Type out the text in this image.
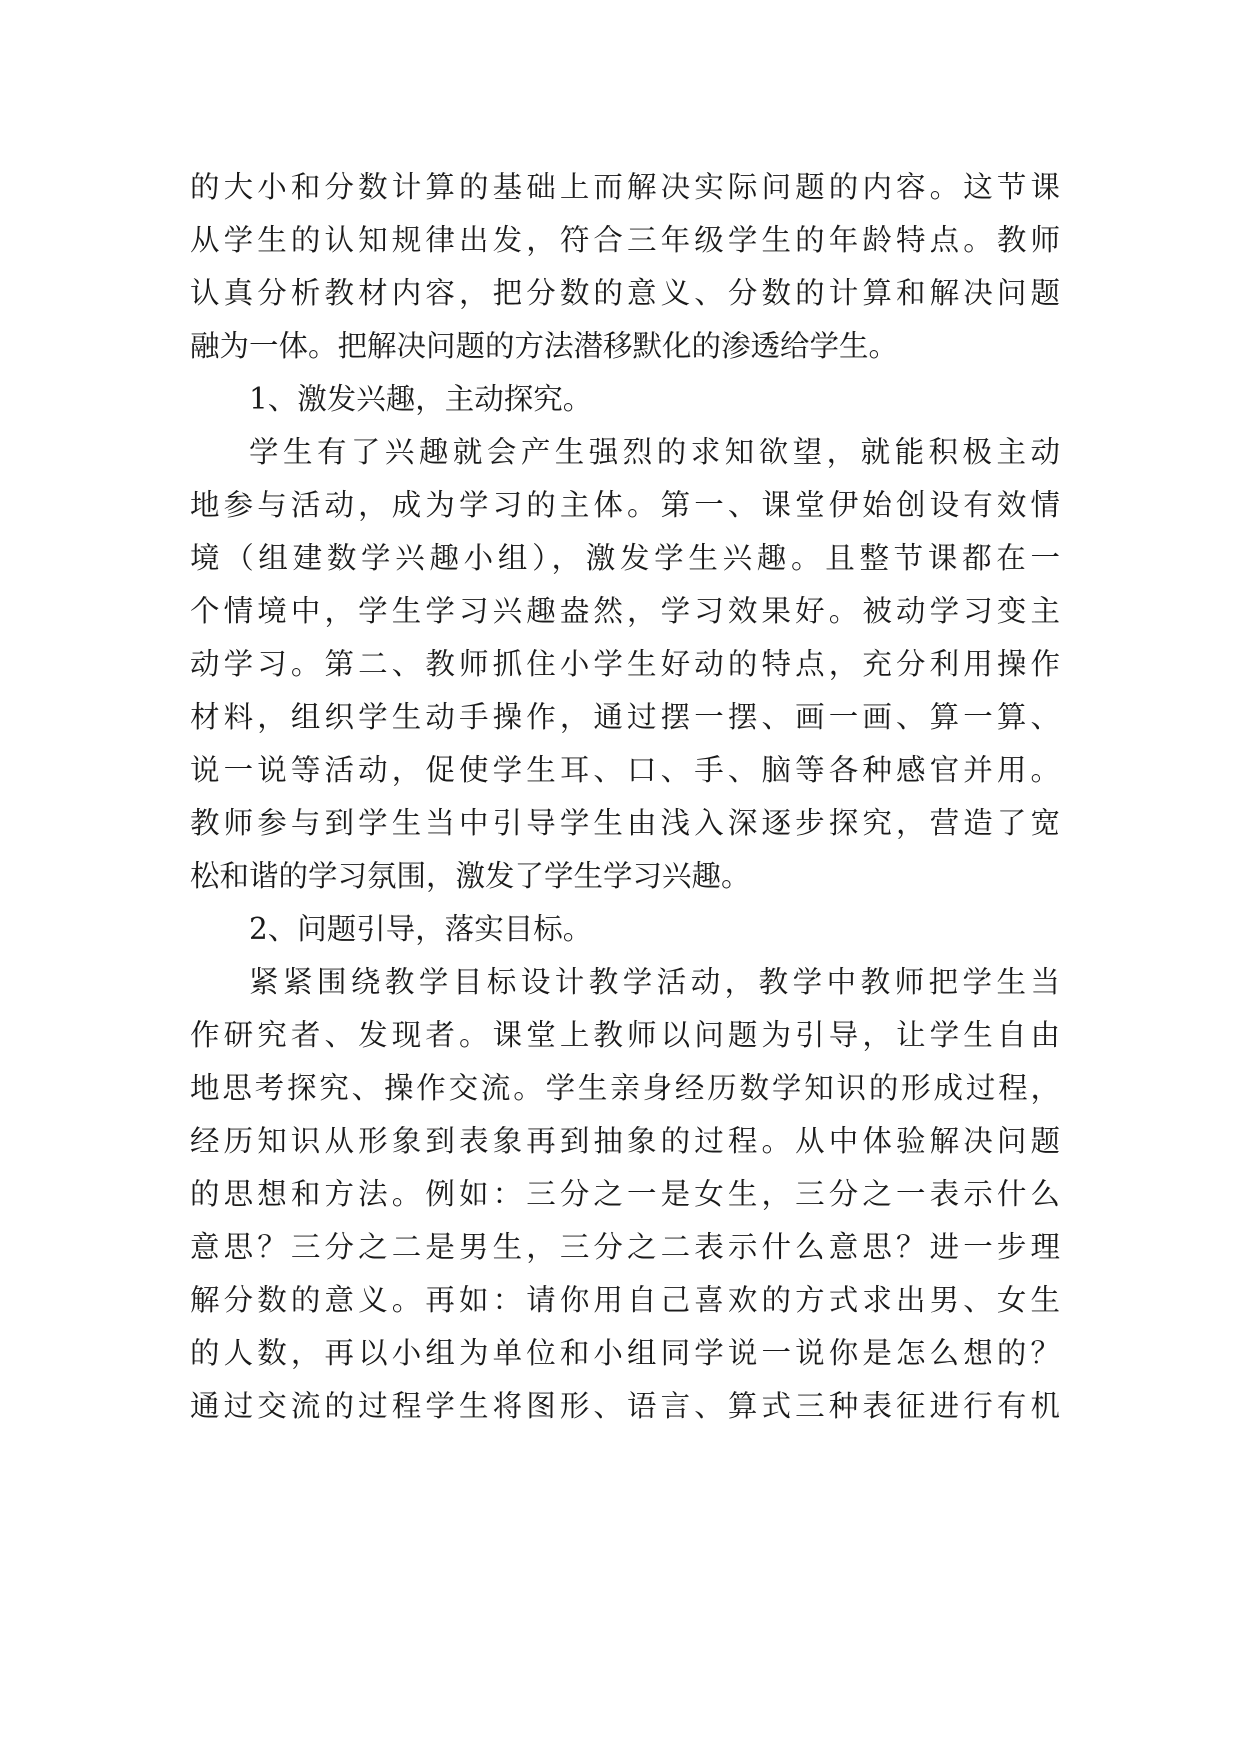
的大小和分数计算的基础上而解决实际问题的内容。这节课
从学生的认知规律出发，符合三年级学生的年龄特点。教师
认真分析教材内容，把分数的意义、分数的计算和解决问题
融为一体。把解决问题的方法潜移默化的渗透给学生。
1、激发兴趣，主动探究。
学生有了兴趣就会产生强烈的求知欲望，就能积极主动
地参与活动，成为学习的主体。第一、课堂伊始创设有效情
境（组建数学兴趣小组），激发学生兴趣。且整节课都在一
个情境中，学生学习兴趣盎然，学习效果好。被动学习变主
动学习。第二、教师抓住小学生好动的特点，充分利用操作
材料，组织学生动手操作，通过摆一摆、画一画、算一算、
说一说等活动，促使学生耳、口、手、脑等各种感官并用。
教师参与到学生当中引导学生由浅入深逐步探究，营造了宽
松和谐的学习氛围，激发了学生学习兴趣。
2、问题引导，落实目标。
紧紧围绕教学目标设计教学活动，教学中教师把学生当
作研究者、发现者。课堂上教师以问题为引导，让学生自由
地思考探究、操作交流。学生亲身经历数学知识的形成过程，
经历知识从形象到表象再到抽象的过程。从中体验解决问题
的思想和方法。例如：三分之一是女生，三分之一表示什么
意思？三分之二是男生，三分之二表示什么意思？进一步理
解分数的意义。再如：请你用自己喜欢的方式求出男、女生
的人数，再以小组为单位和小组同学说一说你是怎么想的？
通过交流的过程学生将图形、语言、算式三种表征进行有机
